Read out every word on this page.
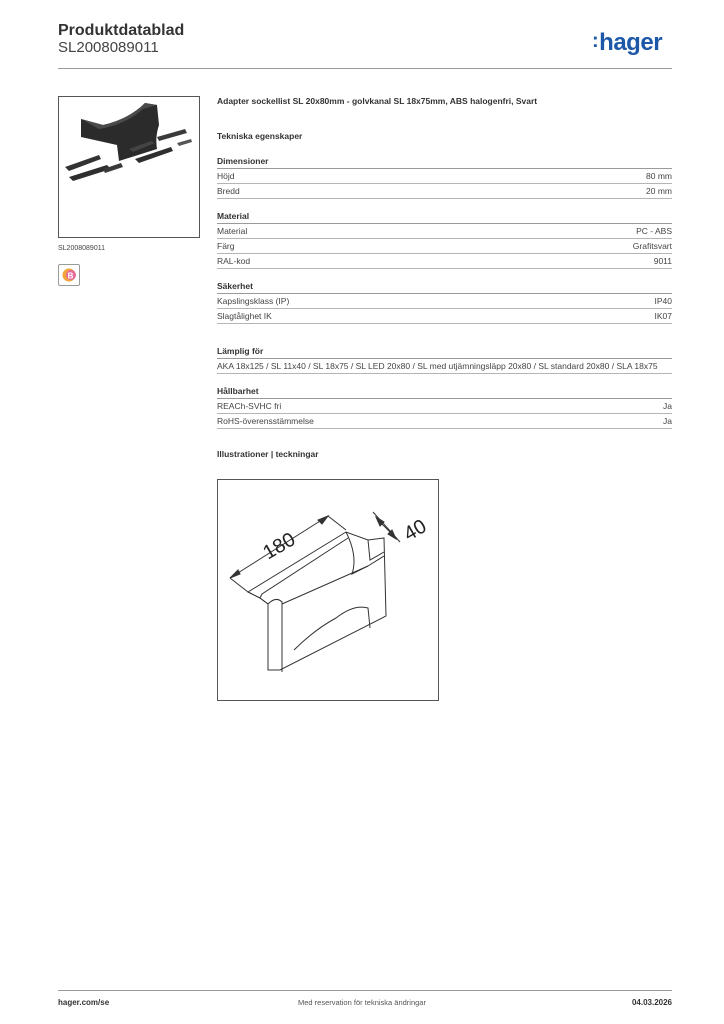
Produktdatablad
SL2008089011	:hager
SL2008089011
B
Adapter sockellist SL 20x80mm - golvkanal SL 18x75mm, ABS halogenfri, Svart
Tekniska egenskaper
Dimensioner
Höjd	80 mm
Bredd	20 mm
Material
Material	PC - ABS
Färg	Grafitsvart
RAL-kod	9011
Säkerhet
Kapslingsklass (IP)	IP40
Slagtålighet IK	IK07
Lämplig för
AKA 18x125 / SL 11x40 / SL 18x75 / SL LED 20x80 / SL med utjämningsläpp 20x80 / SL standard 20x80 / SLA 18x75
Hållbarhet
REACh-SVHC fri	Ja
RoHS-överensstämmelse	Ja
Illustrationer | teckningar
180	40
hager.com/se	Med reservation för tekniska ändringar	04.03.2026
